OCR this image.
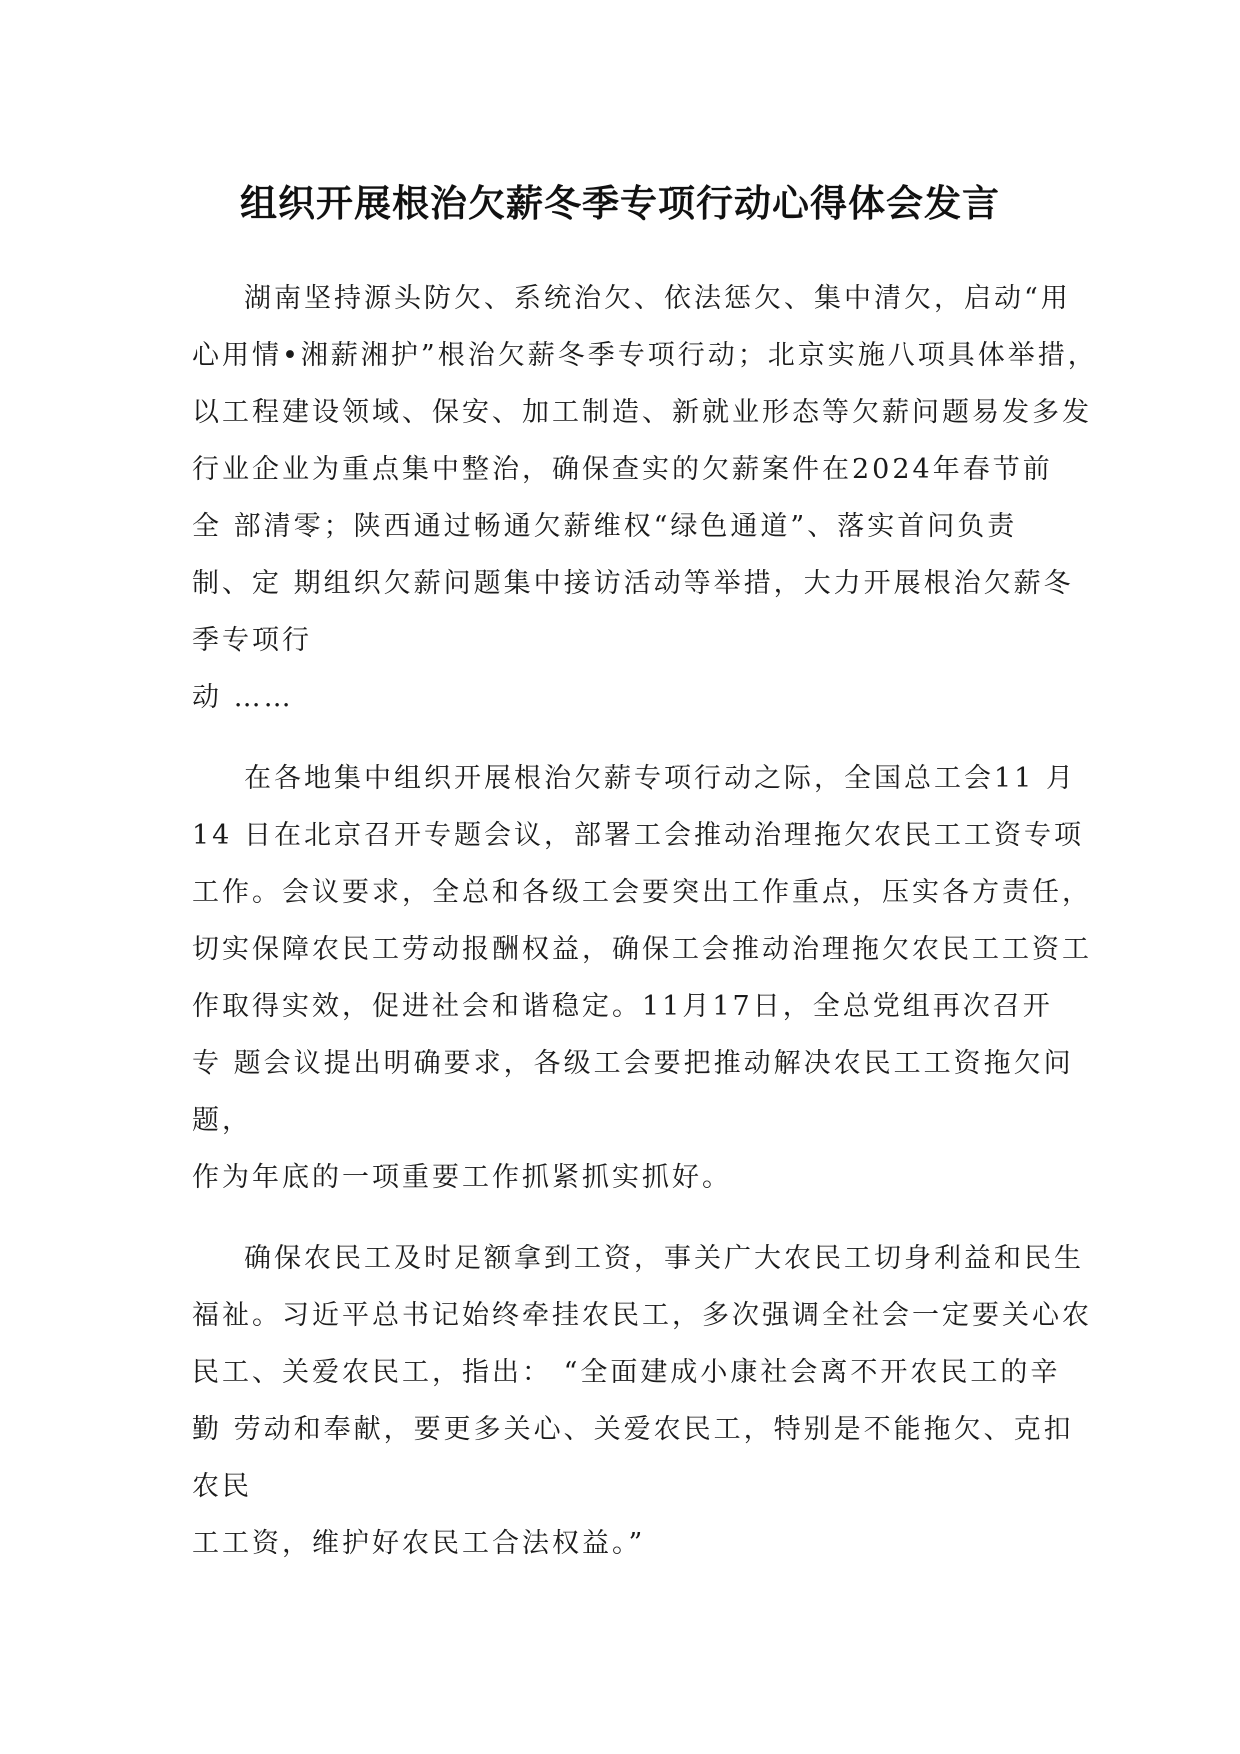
组织开展根治欠薪冬季专项行动心得体会发言
湖南坚持源头防欠、系统治欠、依法惩欠、集中清欠，启动“用
心用情•湘薪湘护”根治欠薪冬季专项行动；北京实施八项具体举措，
以工程建设领域、保安、加工制造、新就业形态等欠薪问题易发多发
行业企业为重点集中整治，确保查实的欠薪案件在2024年春节前
全 部清零；陕西通过畅通欠薪维权“绿色通道”、落实首问负责
制、定 期组织欠薪问题集中接访活动等举措，大力开展根治欠薪冬
季专项行
动 ……
在各地集中组织开展根治欠薪专项行动之际，全国总工会11 月
14 日在北京召开专题会议，部署工会推动治理拖欠农民工工资专项
工作。会议要求，全总和各级工会要突出工作重点，压实各方责任，
切实保障农民工劳动报酬权益，确保工会推动治理拖欠农民工工资工
作取得实效，促进社会和谐稳定。11月17日，全总党组再次召开
专 题会议提出明确要求，各级工会要把推动解决农民工工资拖欠问
题，
作为年底的一项重要工作抓紧抓实抓好。
确保农民工及时足额拿到工资，事关广大农民工切身利益和民生
福祉。习近平总书记始终牵挂农民工，多次强调全社会一定要关心农
民工、关爱农民工，指出： “全面建成小康社会离不开农民工的辛
勤 劳动和奉献，要更多关心、关爱农民工，特别是不能拖欠、克扣
农民
工工资，维护好农民工合法权益。”
